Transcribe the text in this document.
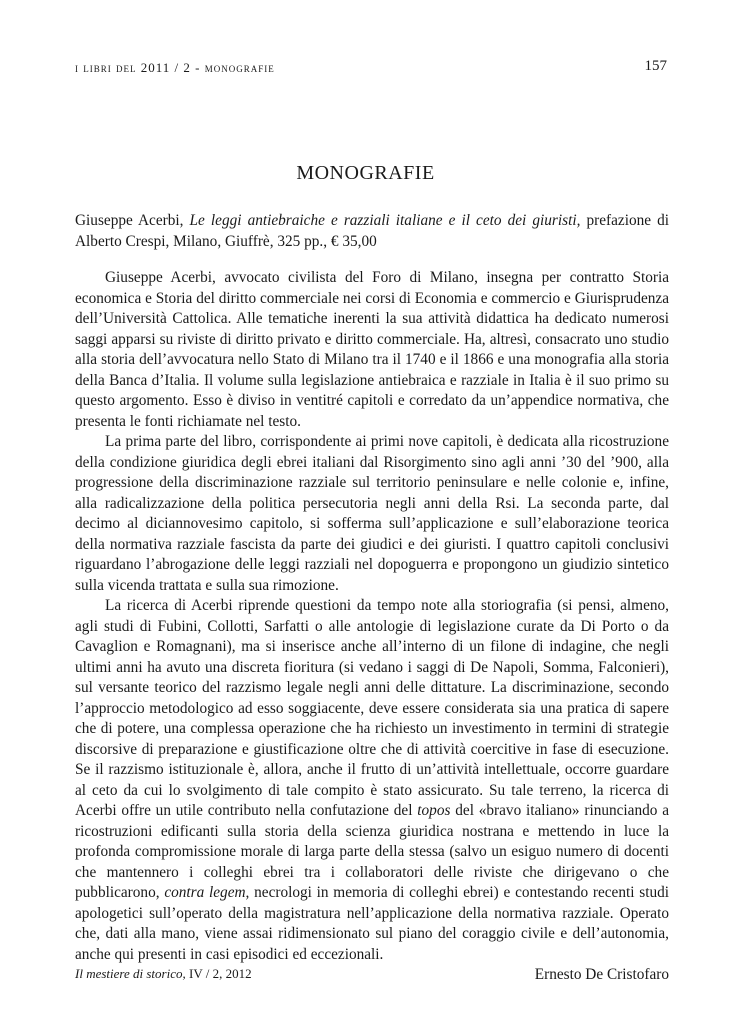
i libri del 2011 / 2 - monografie	157
MONOGRAFIE
Giuseppe Acerbi, Le leggi antiebraiche e razziali italiane e il ceto dei giuristi, prefazione di Alberto Crespi, Milano, Giuffrè, 325 pp., € 35,00

Giuseppe Acerbi, avvocato civilista del Foro di Milano, insegna per contratto Storia economica e Storia del diritto commerciale nei corsi di Economia e commercio e Giurisprudenza dell’Università Cattolica. Alle tematiche inerenti la sua attività didattica ha dedicato numerosi saggi apparsi su riviste di diritto privato e diritto commerciale. Ha, altresì, consacrato uno studio alla storia dell’avvocatura nello Stato di Milano tra il 1740 e il 1866 e una monografia alla storia della Banca d’Italia. Il volume sulla legislazione antiebraica e razziale in Italia è il suo primo su questo argomento. Esso è diviso in ventitré capitoli e corredato da un’appendice normativa, che presenta le fonti richiamate nel testo.

La prima parte del libro, corrispondente ai primi nove capitoli, è dedicata alla ricostruzione della condizione giuridica degli ebrei italiani dal Risorgimento sino agli anni ’30 del ’900, alla progressione della discriminazione razziale sul territorio peninsulare e nelle colonie e, infine, alla radicalizzazione della politica persecutoria negli anni della Rsi. La seconda parte, dal decimo al diciannovesimo capitolo, si sofferma sull’applicazione e sull’elaborazione teorica della normativa razziale fascista da parte dei giudici e dei giuristi. I quattro capitoli conclusivi riguardano l’abrogazione delle leggi razziali nel dopoguerra e propongono un giudizio sintetico sulla vicenda trattata e sulla sua rimozione.

La ricerca di Acerbi riprende questioni da tempo note alla storiografia (si pensi, almeno, agli studi di Fubini, Collotti, Sarfatti o alle antologie di legislazione curate da Di Porto o da Cavaglion e Romagnani), ma si inserisce anche all’interno di un filone di indagine, che negli ultimi anni ha avuto una discreta fioritura (si vedano i saggi di De Napoli, Somma, Falconieri), sul versante teorico del razzismo legale negli anni delle dittature. La discriminazione, secondo l’approccio metodologico ad esso soggiacente, deve essere considerata sia una pratica di sapere che di potere, una complessa operazione che ha richiesto un investimento in termini di strategie discorsive di preparazione e giustificazione oltre che di attività coercitive in fase di esecuzione. Se il razzismo istituzionale è, allora, anche il frutto di un’attività intellettuale, occorre guardare al ceto da cui lo svolgimento di tale compito è stato assicurato. Su tale terreno, la ricerca di Acerbi offre un utile contributo nella confutazione del topos del «bravo italiano» rinunciando a ricostruzioni edificanti sulla storia della scienza giuridica nostrana e mettendo in luce la profonda compromissione morale di larga parte della stessa (salvo un esiguo numero di docenti che mantennero i colleghi ebrei tra i collaboratori delle riviste che dirigevano o che pubblicarono, contra legem, necrologi in memoria di colleghi ebrei) e contestando recenti studi apologetici sull’operato della magistratura nell’applicazione della normativa razziale. Operato che, dati alla mano, viene assai ridimensionato sul piano del coraggio civile e dell’autonomia, anche qui presenti in casi episodici ed eccezionali.

Ernesto De Cristofaro
Il mestiere di storico, IV / 2, 2012
